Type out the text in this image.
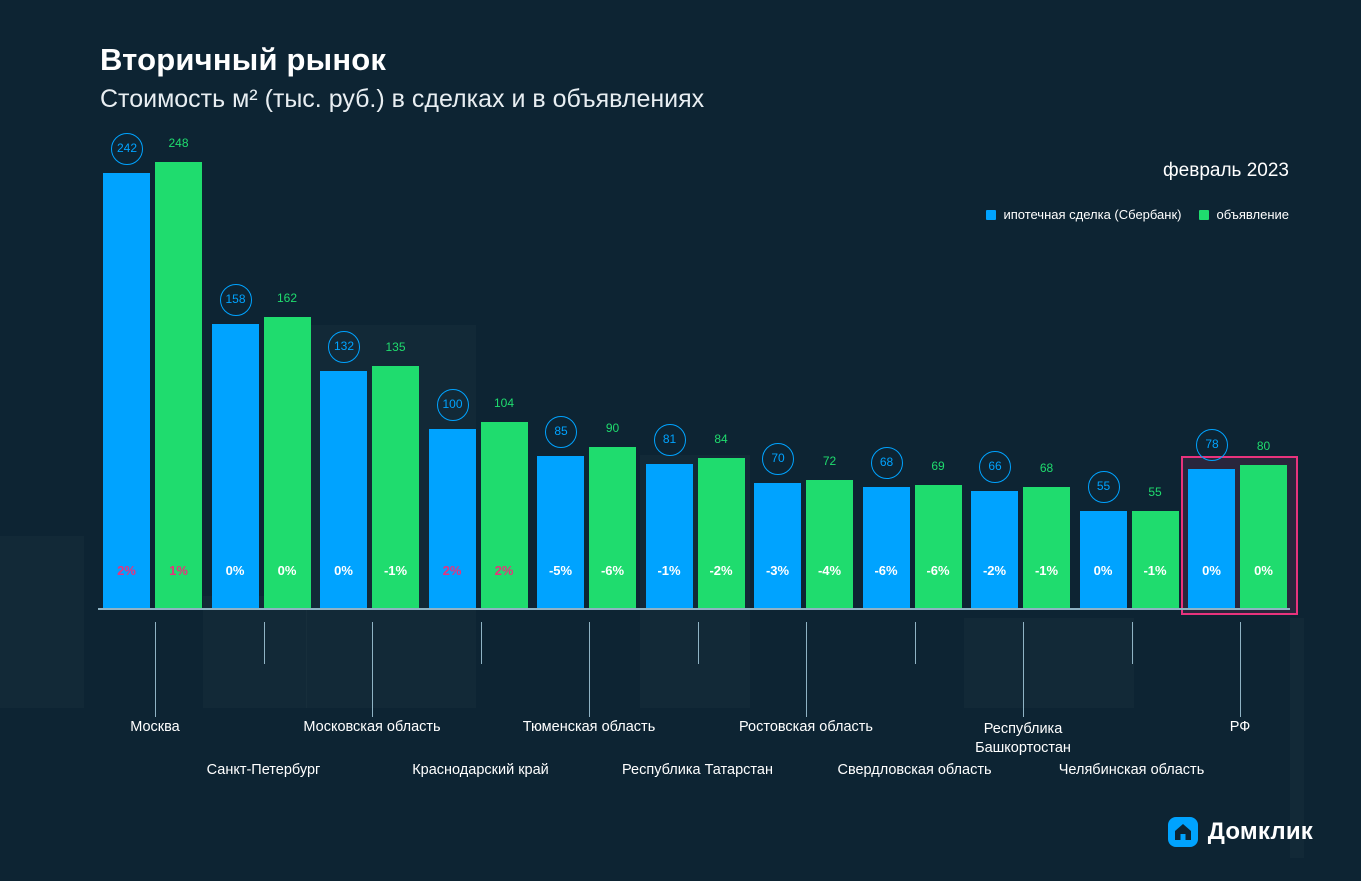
Вторичный рынок
Стоимость м² (тыс. руб.) в сделках и в объявлениях
февраль 2023
ипотечная сделка (Сбербанк)	объявление
242	248
2%	1%
158	162
0%	0%
132	135
0%	-1%
100	104
2%	2%
85	90
-5%	-6%
81	84
-1%	-2%
70	72
-3%	-4%
68	69
-6%	-6%
66	68
-2%	-1%
55	55
0%	-1%
78	80
0%	0%
Москва
Санкт-Петербург
Московская область
Краснодарский край
Тюменская область
Республика Татарстан
Ростовская область
Свердловская область
Республика Башкортостан
Челябинская область
РФ
Домклик
